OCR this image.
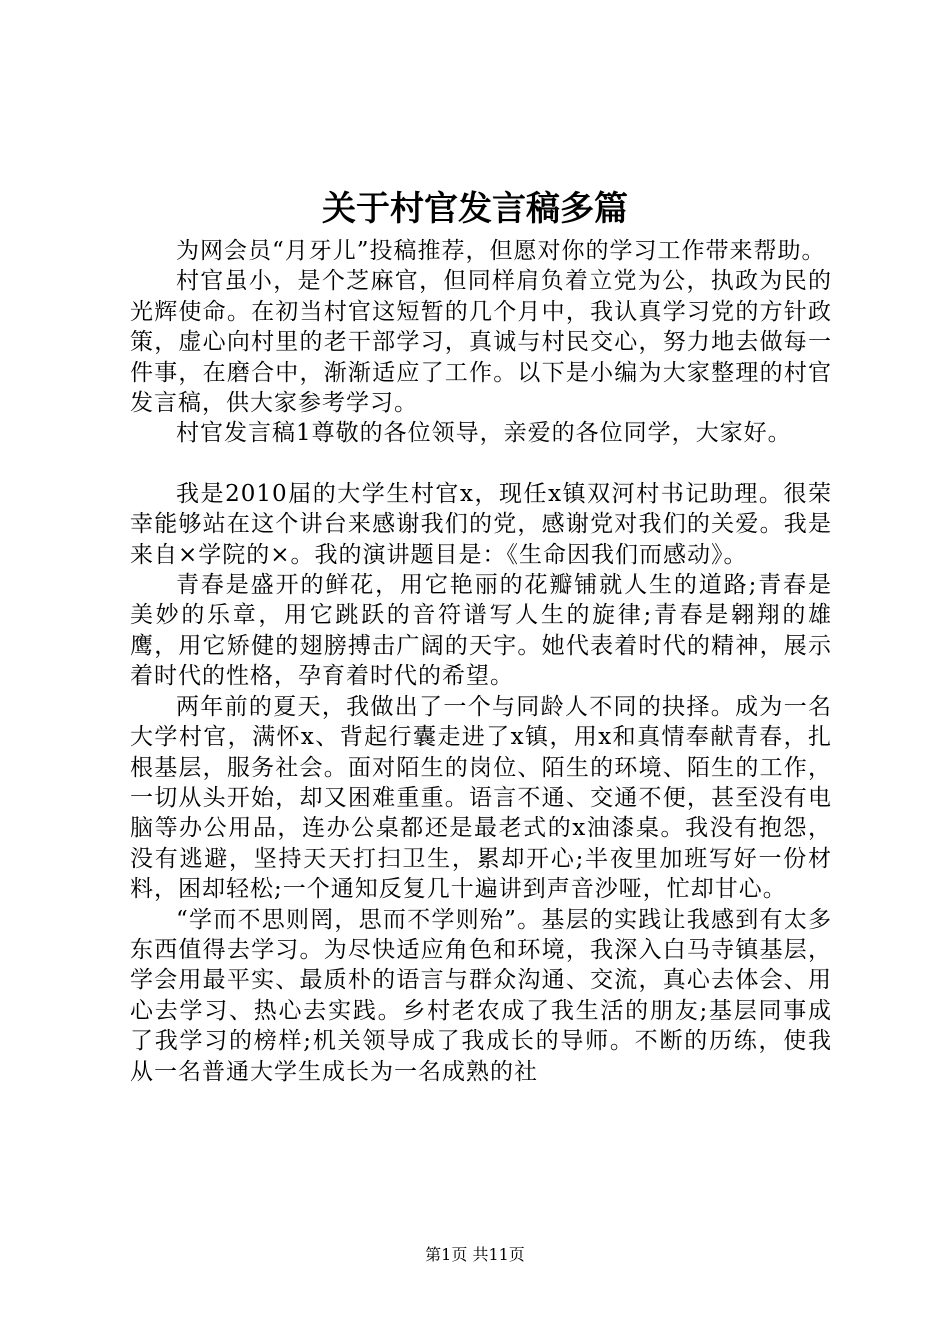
关于村官发言稿多篇

为网会员“月牙儿”投稿推荐，但愿对你的学习工作带来帮助。

村官虽小，是个芝麻官，但同样肩负着立党为公，执政为民的光辉使命。在初当村官这短暂的几个月中，我认真学习党的方针政策，虚心向村里的老干部学习，真诚与村民交心，努力地去做每一件事，在磨合中，渐渐适应了工作。以下是小编为大家整理的村官发言稿，供大家参考学习。

村官发言稿1尊敬的各位领导，亲爱的各位同学，大家好。

我是2010届的大学生村官x，现任x镇双河村书记助理。很荣幸能够站在这个讲台来感谢我们的党，感谢党对我们的关爱。我是来自×学院的×。我的演讲题目是：《生命因我们而感动》。

青春是盛开的鲜花，用它艳丽的花瓣铺就人生的道路;青春是美妙的乐章，用它跳跃的音符谱写人生的旋律;青春是翱翔的雄鹰，用它矫健的翅膀搏击广阔的天宇。她代表着时代的精神，展示着时代的性格，孕育着时代的希望。

两年前的夏天，我做出了一个与同龄人不同的抉择。成为一名大学村官，满怀x、背起行囊走进了x镇，用x和真情奉献青春，扎根基层，服务社会。面对陌生的岗位、陌生的环境、陌生的工作，一切从头开始，却又困难重重。语言不通、交通不便，甚至没有电脑等办公用品，连办公桌都还是最老式的x油漆桌。我没有抱怨，没有逃避，坚持天天打扫卫生，累却开心;半夜里加班写好一份材料，困却轻松;一个通知反复几十遍讲到声音沙哑，忙却甘心。

“学而不思则罔，思而不学则殆”。基层的实践让我感到有太多东西值得去学习。为尽快适应角色和环境，我深入白马寺镇基层，学会用最平实、最质朴的语言与群众沟通、交流，真心去体会、用心去学习、热心去实践。乡村老农成了我生活的朋友;基层同事成了我学习的榜样;机关领导成了我成长的导师。不断的历练，使我从一名普通大学生成长为一名成熟的社

第1页 共11页
